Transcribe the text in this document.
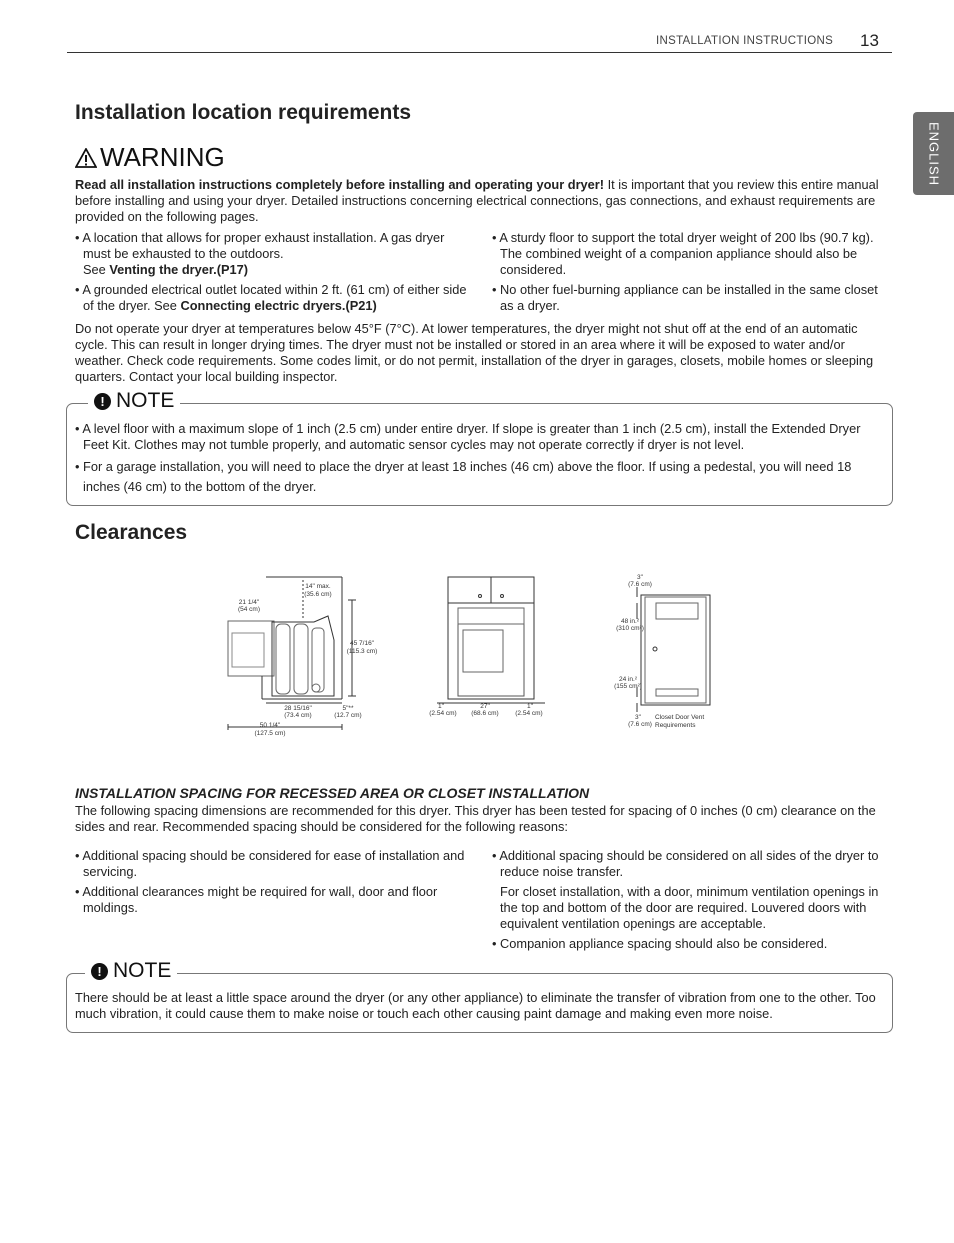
INSTALLATION INSTRUCTIONS 13
ENGLISH
Installation location requirements
WARNING

Read all installation instructions completely before installing and operating your dryer! It is important that you review this entire manual before installing and using your dryer. Detailed instructions concerning electrical connections, gas connections, and exhaust requirements are provided on the following pages.

• A location that allows for proper exhaust installation. A gas dryer must be exhausted to the outdoors.
See Venting the dryer.(P17)
• A grounded electrical outlet located within 2 ft. (61 cm) of either side of the dryer. See Connecting electric dryers.(P21)
• A sturdy floor to support the total dryer weight of 200 lbs (90.7 kg). The combined weight of a companion appliance should also be considered.
• No other fuel-burning appliance can be installed in the same closet as a dryer.

Do not operate your dryer at temperatures below 45°F (7°C). At lower temperatures, the dryer might not shut off at the end of an automatic cycle. This can result in longer drying times. The dryer must not be installed or stored in an area where it will be exposed to water and/or weather. Check code requirements. Some codes limit, or do not permit, installation of the dryer in garages, closets, mobile homes or sleeping quarters. Contact your local building inspector.

! NOTE
• A level floor with a maximum slope of 1 inch (2.5 cm) under entire dryer. If slope is greater than 1 inch (2.5 cm), install the Extended Dryer Feet Kit. Clothes may not tumble properly, and automatic sensor cycles may not operate correctly if dryer is not level.
• For a garage installation, you will need to place the dryer at least 18 inches (46 cm) above the floor. If using a pedestal, you will need 18 inches (46 cm) to the bottom of the dryer.
Clearances
21 1/4"
(54 cm)
14" max.
(35.6 cm)
45 7/16"
(115.3 cm)
28 15/16"
(73.4 cm)
5"**
(12.7 cm)
50 1/4"
(127.5 cm)
1"
(2.54 cm)
27"
(68.6 cm)
1"
(2.54 cm)
3"
(7.6 cm)
48 in.²
(310 cm²)
24 in.²
(155 cm²)
3"
(7.6 cm)
Closet Door Vent
Requirements
INSTALLATION SPACING FOR RECESSED AREA OR CLOSET INSTALLATION

The following spacing dimensions are recommended for this dryer. This dryer has been tested for spacing of 0 inches (0 cm) clearance on the sides and rear. Recommended spacing should be considered for the following reasons:

• Additional spacing should be considered for ease of installation and servicing.
• Additional clearances might be required for wall, door and floor moldings.
• Additional spacing should be considered on all sides of the dryer to reduce noise transfer.
For closet installation, with a door, minimum ventilation openings in the top and bottom of the door are required. Louvered doors with equivalent ventilation openings are acceptable.
• Companion appliance spacing should also be considered.
! NOTE

There should be at least a little space around the dryer (or any other appliance) to eliminate the transfer of vibration from one to the other. Too much vibration, it could cause them to make noise or touch each other causing paint damage and making even more noise.
